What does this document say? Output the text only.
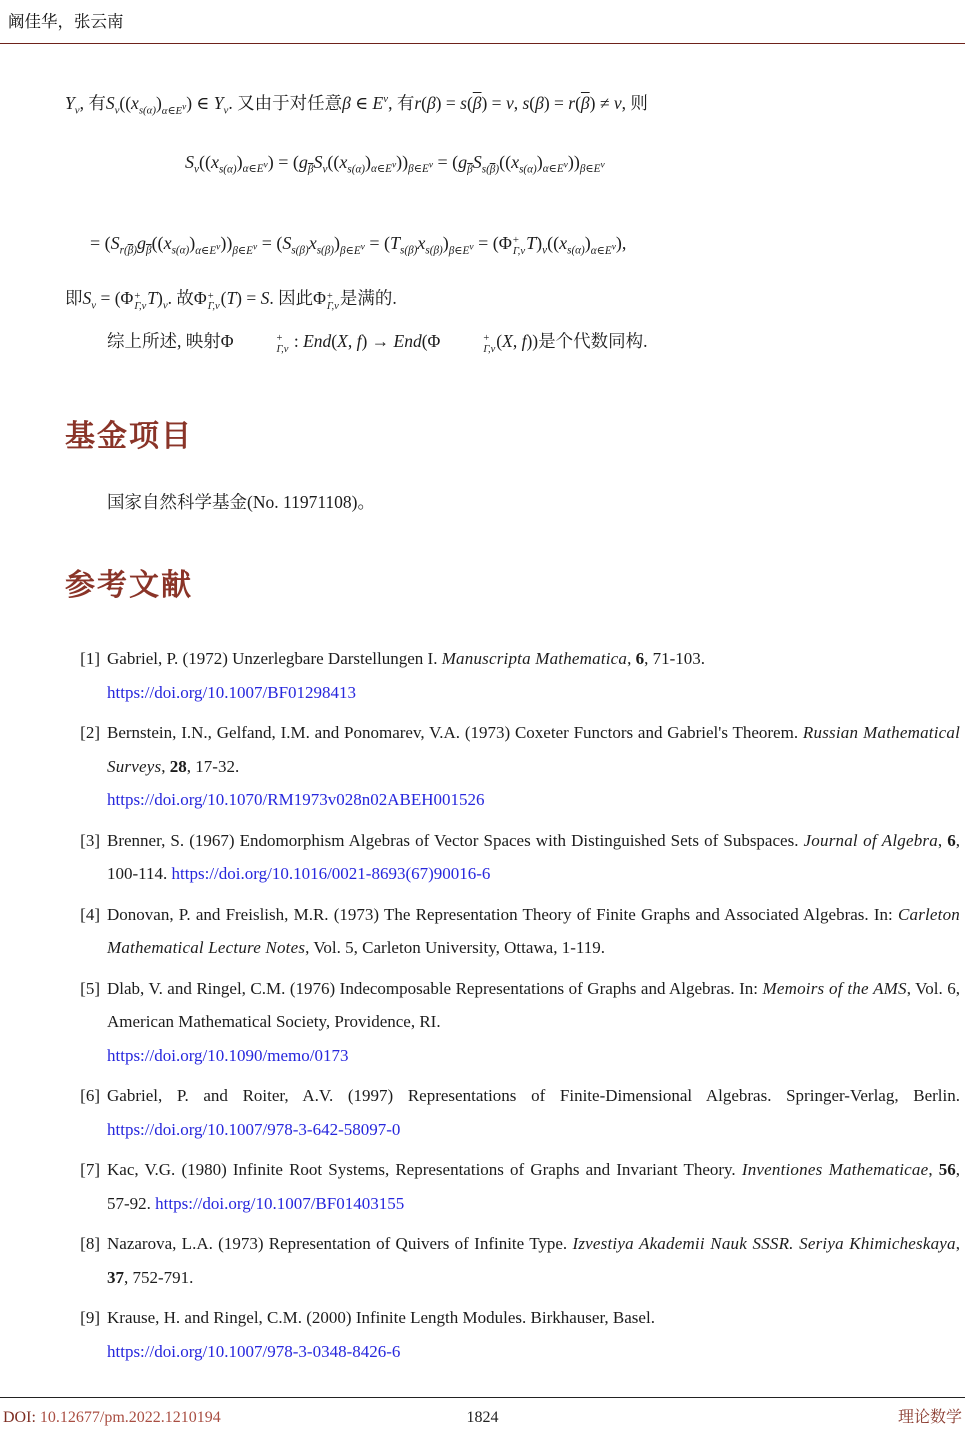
阚佳华，张云南
$Y_v$, 有$S_v((x_{s(\alpha)})_{\alpha\in E^v})$ ∈ $Y_v$. 又由于对任意β ∈ $E^v$, 有$r(\beta) = s(\overline{\beta}) = v$, $s(\beta) = r(\overline{\beta}) \ne v$, 则
$S_v((x_{s(\alpha)})_{\alpha\in E^v}) = (g_{\overline{\beta}}S_v((x_{s(\alpha)})_{\alpha\in E^v}))_{\beta\in E^v} = (g_{\overline{\beta}}S_{s(\overline{\beta})}((x_{s(\alpha)})_{\alpha\in E^v}))_{\beta\in E^v}$
= $(S_{r(\overline{\beta})}g_{\overline{\beta}}((x_{s(\alpha)})_{\alpha\in E^v}))_{\beta\in E^v} = (S_{s(\beta)}x_{s(\beta)})_{\beta\in E^v} = (T_{s(\beta)}x_{s(\beta)})_{\beta\in E^v} = (\Phi$ +
Γ,v $T)_v((x_{s(\alpha)})_{\alpha\in E^v})$,
即$S_v = (\Phi$ +
Γ,v $T)_v$. 故Φ +
Γ,v (T) = S. 因此Φ +
Γ,v 是满的.
综上所述, 映射Φ	+
Γ,v : End(X, f) → End(Φ	+
Γ,v (X, f))是个代数同构.
基金项目

国家自然科学基金(No. 11971108)。

参考文献
[1] Gabriel, P. (1972) Unzerlegbare Darstellungen I. Manuscripta Mathematica, 6, 71-103.
https://doi.org/10.1007/BF01298413
[2] Bernstein, I.N., Gelfand, I.M. and Ponomarev, V.A. (1973) Coxeter Functors and Gabriel's Theorem. Russian Mathematical Surveys, 28, 17-32.
https://doi.org/10.1070/RM1973v028n02ABEH001526
[3] Brenner, S. (1967) Endomorphism Algebras of Vector Spaces with Distinguished Sets of Subspaces. Journal of Algebra, 6, 100-114. https://doi.org/10.1016/0021-8693(67)90016-6
[4] Donovan, P. and Freislish, M.R. (1973) The Representation Theory of Finite Graphs and Associated Algebras. In: Carleton Mathematical Lecture Notes, Vol. 5, Carleton University, Ottawa, 1-119.
[5] Dlab, V. and Ringel, C.M. (1976) Indecomposable Representations of Graphs and Algebras. In: Memoirs of the AMS, Vol. 6, American Mathematical Society, Providence, RI.
https://doi.org/10.1090/memo/0173
[6] Gabriel, P. and Roiter, A.V. (1997) Representations of Finite-Dimensional Algebras. Springer-Verlag, Berlin. https://doi.org/10.1007/978-3-642-58097-0
[7] Kac, V.G. (1980) Infinite Root Systems, Representations of Graphs and Invariant Theory. Inventiones Mathematicae, 56, 57-92. https://doi.org/10.1007/BF01403155
[8] Nazarova, L.A. (1973) Representation of Quivers of Infinite Type. Izvestiya Akademii Nauk SSSR. Seriya Khimicheskaya, 37, 752-791.
[9] Krause, H. and Ringel, C.M. (2000) Infinite Length Modules. Birkhauser, Basel.
https://doi.org/10.1007/978-3-0348-8426-6
DOI: 10.12677/pm.2022.1210194	1824	理论数学
